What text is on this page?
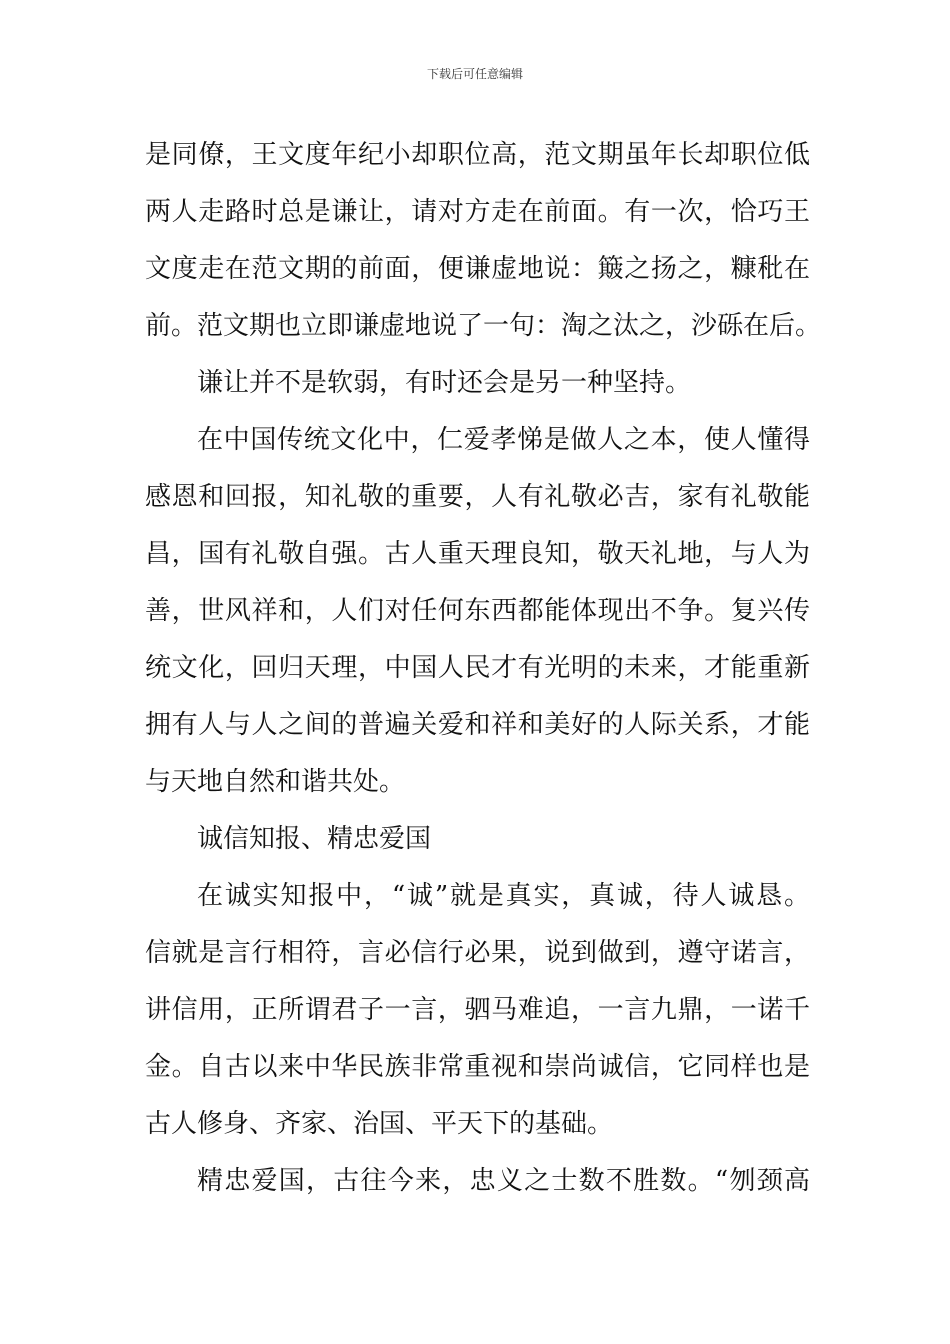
下载后可任意编辑
是同僚，王文度年纪小却职位高，范文期虽年长却职位低
两人走路时总是谦让，请对方走在前面。有一次，恰巧王
文度走在范文期的前面，便谦虚地说：簸之扬之，糠秕在
前。范文期也立即谦虚地说了一句：淘之汰之，沙砾在后。
谦让并不是软弱，有时还会是另一种坚持。
在中国传统文化中，仁爱孝悌是做人之本，使人懂得
感恩和回报，知礼敬的重要，人有礼敬必吉，家有礼敬能
昌，国有礼敬自强。古人重天理良知，敬天礼地，与人为
善，世风祥和，人们对任何东西都能体现出不争。复兴传
统文化，回归天理，中国人民才有光明的未来，才能重新
拥有人与人之间的普遍关爱和祥和美好的人际关系，才能
与天地自然和谐共处。
诚信知报、精忠爱国
在诚实知报中，“诚”就是真实，真诚，待人诚恳。
信就是言行相符，言必信行必果，说到做到，遵守诺言，
讲信用，正所谓君子一言，驷马难追，一言九鼎，一诺千
金。自古以来中华民族非常重视和崇尚诚信，它同样也是
古人修身、齐家、治国、平天下的基础。
精忠爱国，古往今来，忠义之士数不胜数。“刎颈高
